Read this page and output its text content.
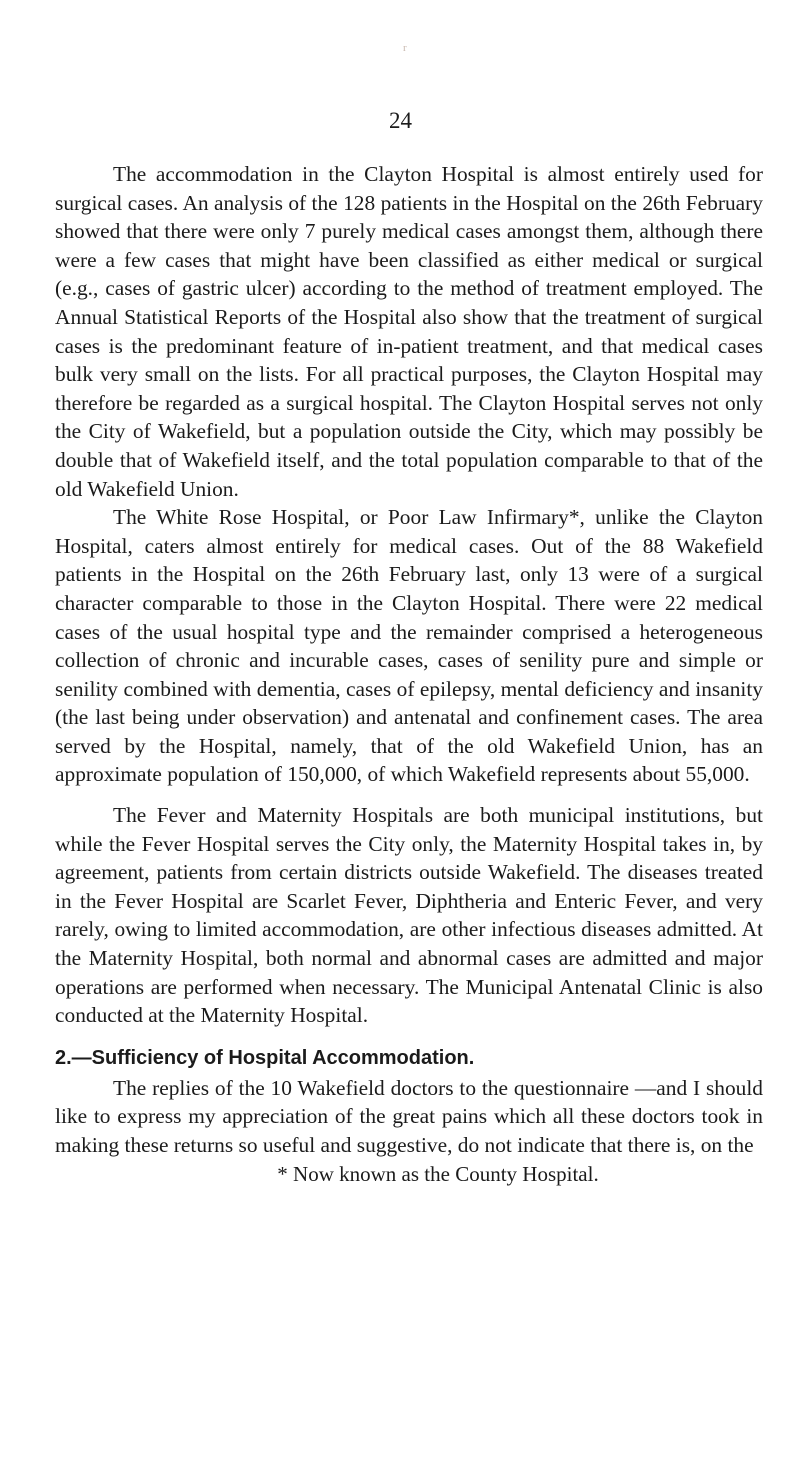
r
24

The accommodation in the Clayton Hospital is almost entirely used for surgical cases. An analysis of the 128 patients in the Hospital on the 26th February showed that there were only 7 purely medical cases amongst them, although there were a few cases that might have been classified as either medical or surgical (e.g., cases of gastric ulcer) according to the method of treatment employed. The Annual Statistical Reports of the Hospital also show that the treatment of surgical cases is the predominant feature of in-patient treatment, and that medical cases bulk very small on the lists. For all practical purposes, the Clayton Hospital may therefore be regarded as a surgical hospital. The Clayton Hospital serves not only the City of Wakefield, but a population outside the City, which may possibly be double that of Wakefield itself, and the total population comparable to that of the old Wakefield Union.

The White Rose Hospital, or Poor Law Infirmary*, unlike the Clayton Hospital, caters almost entirely for medical cases. Out of the 88 Wakefield patients in the Hospital on the 26th February last, only 13 were of a surgical character comparable to those in the Clayton Hospital. There were 22 medical cases of the usual hospital type and the remainder comprised a heterogeneous collection of chronic and incurable cases, cases of senility pure and simple or senility combined with dementia, cases of epilepsy, mental deficiency and insanity (the last being under observation) and antenatal and confinement cases. The area served by the Hospital, namely, that of the old Wakefield Union, has an approximate population of 150,000, of which Wakefield represents about 55,000.

The Fever and Maternity Hospitals are both municipal institutions, but while the Fever Hospital serves the City only, the Maternity Hospital takes in, by agreement, patients from certain districts outside Wakefield. The diseases treated in the Fever Hospital are Scarlet Fever, Diphtheria and Enteric Fever, and very rarely, owing to limited accommodation, are other infectious diseases admitted. At the Maternity Hospital, both normal and abnormal cases are admitted and major operations are performed when necessary. The Municipal Antenatal Clinic is also conducted at the Maternity Hospital.

2.—Sufficiency of Hospital Accommodation.

The replies of the 10 Wakefield doctors to the questionnaire —and I should like to express my appreciation of the great pains which all these doctors took in making these returns so useful and suggestive, do not indicate that there is, on the

* Now known as the County Hospital.
